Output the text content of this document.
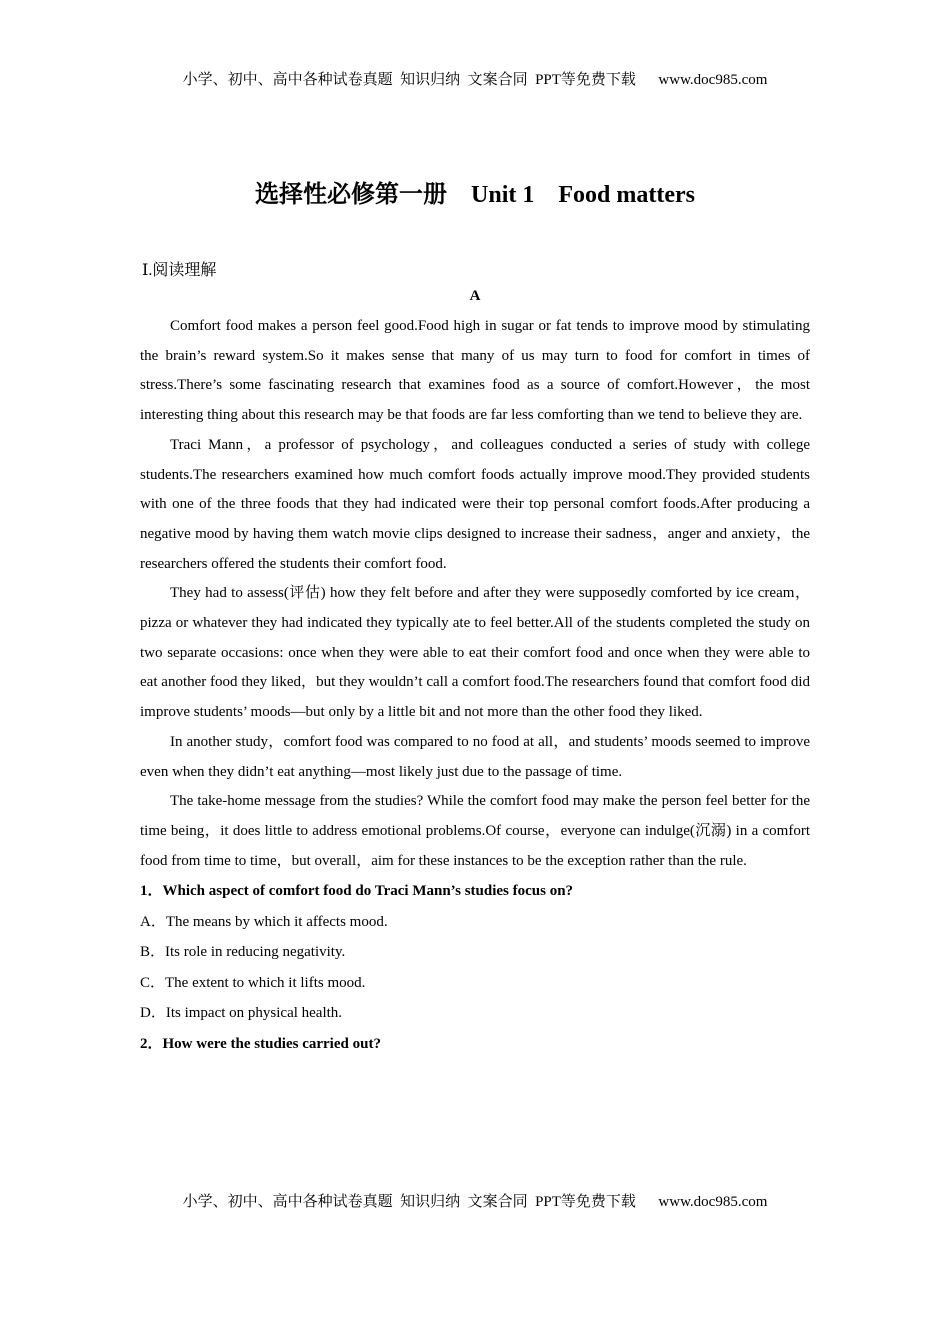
小学、初中、高中各种试卷真题  知识归纳  文案合同  PPT等免费下载      www.doc985.com
选择性必修第一册    Unit 1    Food matters
Ⅰ.阅读理解
A

Comfort food makes a person feel good.Food high in sugar or fat tends to improve mood by stimulating the brain’s reward system.So it makes sense that many of us may turn to food for comfort in times of stress.There’s some fascinating research that examines food as a source of comfort.However，the most interesting thing about this research may be that foods are far less comforting than we tend to believe they are.

Traci Mann，a professor of psychology，and colleagues conducted a series of study with college students.The researchers examined how much comfort foods actually improve mood.They provided students with one of the three foods that they had indicated were their top personal comfort foods.After producing a negative mood by having them watch movie clips designed to increase their sadness，anger and anxiety，the researchers offered the students their comfort food.

They had to assess(评估) how they felt before and after they were supposedly comforted by ice cream，pizza or whatever they had indicated they typically ate to feel better.All of the students completed the study on two separate occasions: once when they were able to eat their comfort food and once when they were able to eat another food they liked，but they wouldn’t call a comfort food.The researchers found that comfort food did improve students’ moods—but only by a little bit and not more than the other food they liked.

In another study，comfort food was compared to no food at all，and students’ moods seemed to improve even when they didn’t eat anything—most likely just due to the passage of time.

The take-home message from the studies? While the comfort food may make the person feel better for the time being，it does little to address emotional problems.Of course，everyone can indulge(沉溺) in a comfort food from time to time，but overall，aim for these instances to be the exception rather than the rule.

1．Which aspect of comfort food do Traci Mann’s studies focus on?

A．The means by which it affects mood.

B．Its role in reducing negativity.

C．The extent to which it lifts mood.

D．Its impact on physical health.

2．How were the studies carried out?

小学、初中、高中各种试卷真题  知识归纳  文案合同  PPT等免费下载      www.doc985.com
